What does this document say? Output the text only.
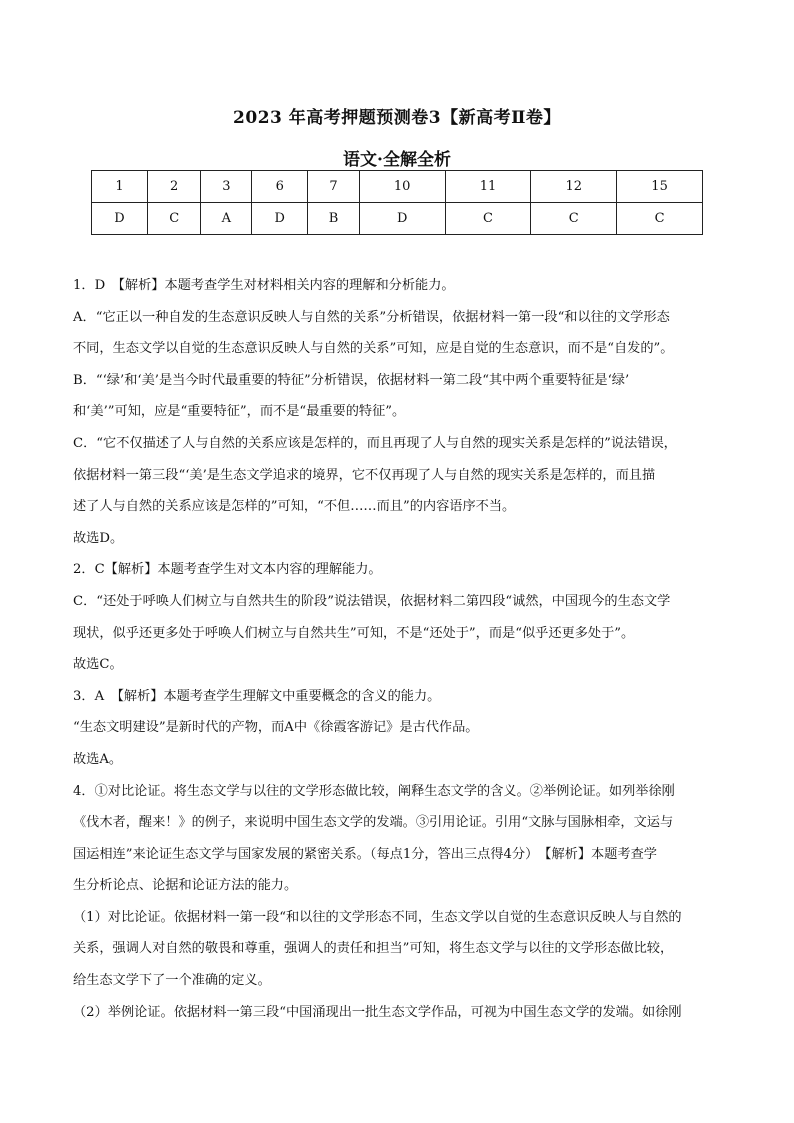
2023 年高考押题预测卷3【新高考Ⅱ卷】
语文·全解全析
1	2	3	6	7	10	11	12	15
D	C	A	D	B	D	C	C	C

1．D　【解析】本题考查学生对材料相关内容的理解和分析能力。

A．“它正以一种自发的生态意识反映人与自然的关系”分析错误，依据材料一第一段“和以往的文学形态

不同，生态文学以自觉的生态意识反映人与自然的关系”可知，应是自觉的生态意识，而不是“自发的”。

B．“‘绿’和‘美’是当今时代最重要的特征”分析错误，依据材料一第二段“其中两个重要特征是‘绿’

和‘美’”可知，应是“重要特征”，而不是“最重要的特征”。

C．“它不仅描述了人与自然的关系应该是怎样的，而且再现了人与自然的现实关系是怎样的”说法错误，

依据材料一第三段“‘美’是生态文学追求的境界，它不仅再现了人与自然的现实关系是怎样的，而且描

述了人与自然的关系应该是怎样的”可知，“不但……而且”的内容语序不当。

故选D。

2．C【解析】本题考查学生对文本内容的理解能力。

C．“还处于呼唤人们树立与自然共生的阶段”说法错误，依据材料二第四段“诚然，中国现今的生态文学

现状，似乎还更多处于呼唤人们树立与自然共生”可知，不是“还处于”，而是“似乎还更多处于”。

故选C。

3．A　【解析】本题考查学生理解文中重要概念的含义的能力。

“生态文明建设”是新时代的产物，而A中《徐霞客游记》是古代作品。

故选A。

4．①对比论证。将生态文学与以往的文学形态做比较，阐释生态文学的含义。②举例论证。如列举徐刚

《伐木者，醒来！》的例子，来说明中国生态文学的发端。③引用论证。引用“文脉与国脉相牵，文运与

国运相连”来论证生态文学与国家发展的紧密关系。（每点1分，答出三点得4分）　【解析】本题考查学

生分析论点、论据和论证方法的能力。

（1）对比论证。依据材料一第一段“和以往的文学形态不同，生态文学以自觉的生态意识反映人与自然的

关系，强调人对自然的敬畏和尊重，强调人的责任和担当”可知，将生态文学与以往的文学形态做比较，

给生态文学下了一个准确的定义。

（2）举例论证。依据材料一第三段“中国涌现出一批生态文学作品，可视为中国生态文学的发端。如徐刚
